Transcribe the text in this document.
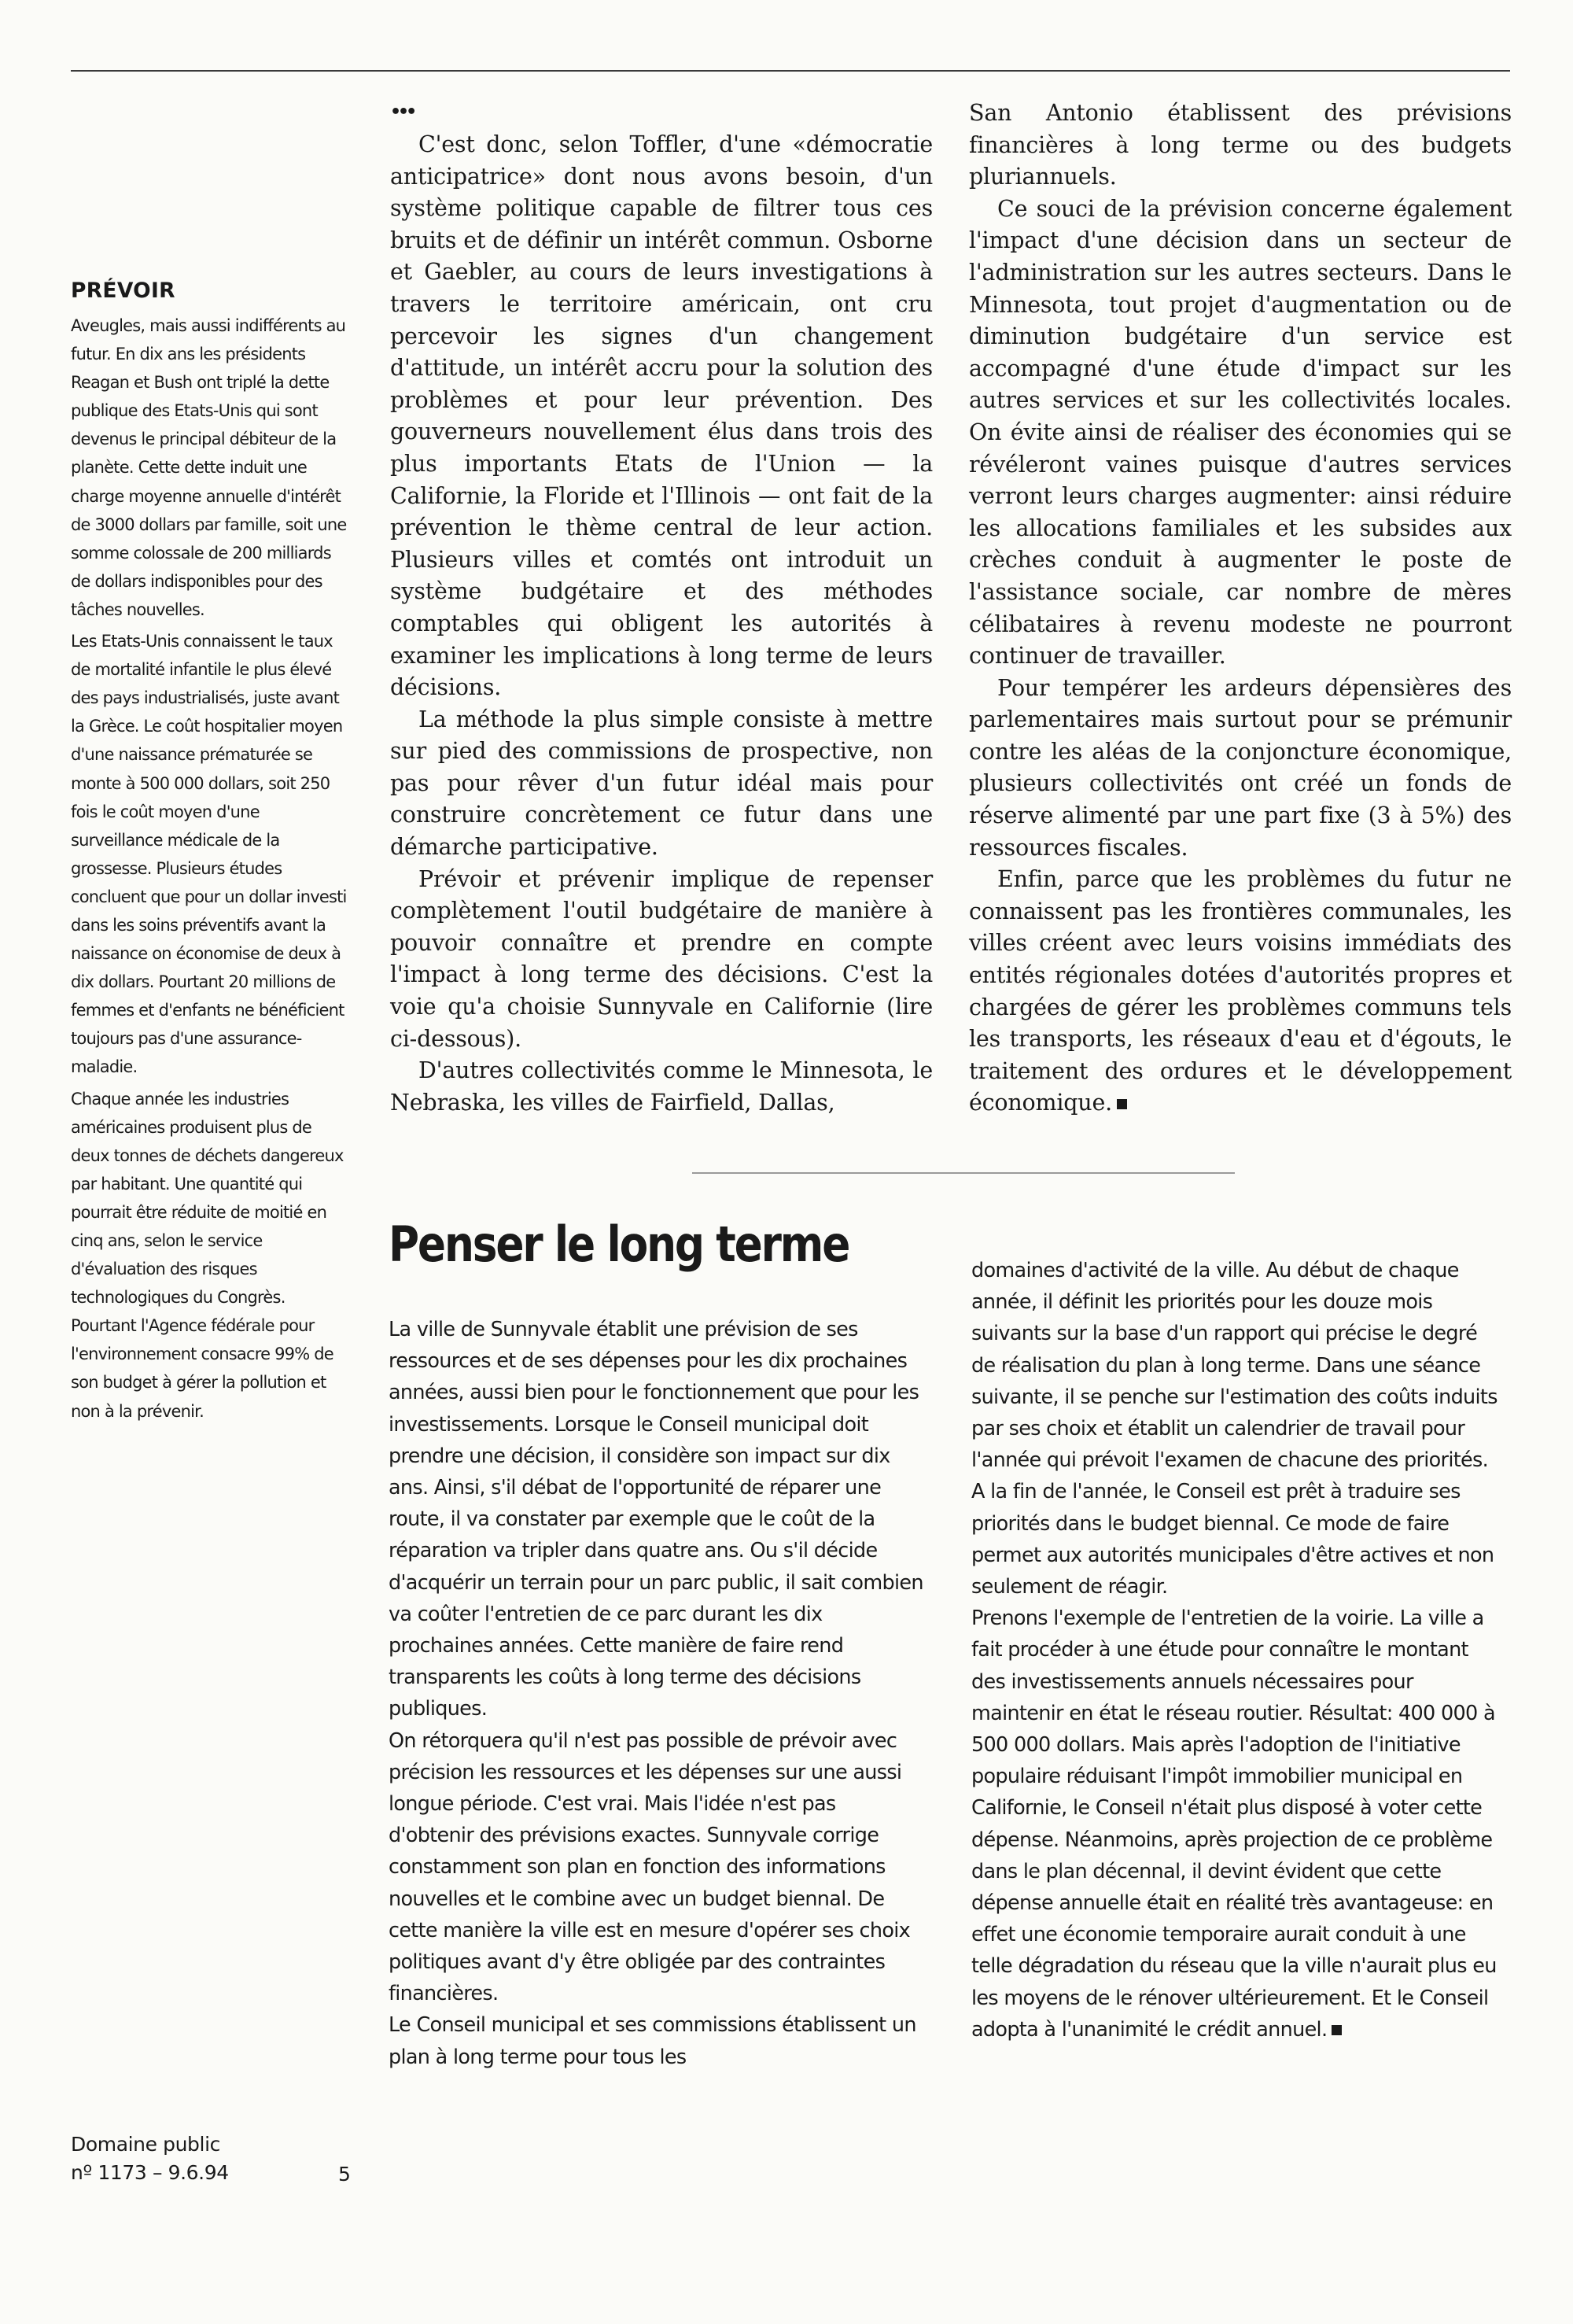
PRÉVOIR

Aveugles, mais aussi indifférents au futur. En dix ans les présidents Reagan et Bush ont triplé la dette publique des Etats-Unis qui sont devenus le principal débiteur de la planète. Cette dette induit une charge moyenne annuelle d'intérêt de 3000 dollars par famille, soit une somme colossale de 200 milliards de dollars indisponibles pour des tâches nouvelles.

Les Etats-Unis connaissent le taux de mortalité infantile le plus élevé des pays industrialisés, juste avant la Grèce. Le coût hospitalier moyen d'une naissance prématurée se monte à 500 000 dollars, soit 250 fois le coût moyen d'une surveillance médicale de la grossesse. Plusieurs études concluent que pour un dollar investi dans les soins préventifs avant la naissance on économise de deux à dix dollars. Pourtant 20 millions de femmes et d'enfants ne bénéficient toujours pas d'une assurance-maladie.

Chaque année les industries américaines produisent plus de deux tonnes de déchets dangereux par habitant. Une quantité qui pourrait être réduite de moitié en cinq ans, selon le service d'évaluation des risques technologiques du Congrès. Pourtant l'Agence fédérale pour l'environnement consacre 99% de son budget à gérer la pollution et non à la prévenir.

•••

C'est donc, selon Toffler, d'une «démocratie anticipatrice» dont nous avons besoin, d'un système politique capable de filtrer tous ces bruits et de définir un intérêt commun. Osborne et Gaebler, au cours de leurs investigations à travers le territoire américain, ont cru percevoir les signes d'un changement d'attitude, un intérêt accru pour la solution des problèmes et pour leur prévention. Des gouverneurs nouvellement élus dans trois des plus importants Etats de l'Union — la Californie, la Floride et l'Illinois — ont fait de la prévention le thème central de leur action. Plusieurs villes et comtés ont introduit un système budgétaire et des méthodes comptables qui obligent les autorités à examiner les implications à long terme de leurs décisions.

La méthode la plus simple consiste à mettre sur pied des commissions de prospective, non pas pour rêver d'un futur idéal mais pour construire concrètement ce futur dans une démarche participative.

Prévoir et prévenir implique de repenser complètement l'outil budgétaire de manière à pouvoir connaître et prendre en compte l'impact à long terme des décisions. C'est la voie qu'a choisie Sunnyvale en Californie (lire ci-dessous).

D'autres collectivités comme le Minnesota, le Nebraska, les villes de Fairfield, Dallas,

San Antonio établissent des prévisions financières à long terme ou des budgets pluriannuels.

Ce souci de la prévision concerne également l'impact d'une décision dans un secteur de l'administration sur les autres secteurs. Dans le Minnesota, tout projet d'augmentation ou de diminution budgétaire d'un service est accompagné d'une étude d'impact sur les autres services et sur les collectivités locales. On évite ainsi de réaliser des économies qui se révéleront vaines puisque d'autres services verront leurs charges augmenter: ainsi réduire les allocations familiales et les subsides aux crèches conduit à augmenter le poste de l'assistance sociale, car nombre de mères célibataires à revenu modeste ne pourront continuer de travailler.

Pour tempérer les ardeurs dépensières des parlementaires mais surtout pour se prémunir contre les aléas de la conjoncture économique, plusieurs collectivités ont créé un fonds de réserve alimenté par une part fixe (3 à 5%) des ressources fiscales.

Enfin, parce que les problèmes du futur ne connaissent pas les frontières communales, les villes créent avec leurs voisins immédiats des entités régionales dotées d'autorités propres et chargées de gérer les problèmes communs tels les transports, les réseaux d'eau et d'égouts, le traitement des ordures et le développement économique.

Penser le long terme

La ville de Sunnyvale établit une prévision de ses ressources et de ses dépenses pour les dix prochaines années, aussi bien pour le fonctionnement que pour les investissements. Lorsque le Conseil municipal doit prendre une décision, il considère son impact sur dix ans. Ainsi, s'il débat de l'opportunité de réparer une route, il va constater par exemple que le coût de la réparation va tripler dans quatre ans. Ou s'il décide d'acquérir un terrain pour un parc public, il sait combien va coûter l'entretien de ce parc durant les dix prochaines années. Cette manière de faire rend transparents les coûts à long terme des décisions publiques.

On rétorquera qu'il n'est pas possible de prévoir avec précision les ressources et les dépenses sur une aussi longue période. C'est vrai. Mais l'idée n'est pas d'obtenir des prévisions exactes. Sunnyvale corrige constamment son plan en fonction des informations nouvelles et le combine avec un budget biennal. De cette manière la ville est en mesure d'opérer ses choix politiques avant d'y être obligée par des contraintes financières.

Le Conseil municipal et ses commissions établissent un plan à long terme pour tous les

domaines d'activité de la ville. Au début de chaque année, il définit les priorités pour les douze mois suivants sur la base d'un rapport qui précise le degré de réalisation du plan à long terme. Dans une séance suivante, il se penche sur l'estimation des coûts induits par ses choix et établit un calendrier de travail pour l'année qui prévoit l'examen de chacune des priorités. A la fin de l'année, le Conseil est prêt à traduire ses priorités dans le budget biennal. Ce mode de faire permet aux autorités municipales d'être actives et non seulement de réagir.

Prenons l'exemple de l'entretien de la voirie. La ville a fait procéder à une étude pour connaître le montant des investissements annuels nécessaires pour maintenir en état le réseau routier. Résultat: 400 000 à 500 000 dollars. Mais après l'adoption de l'initiative populaire réduisant l'impôt immobilier municipal en Californie, le Conseil n'était plus disposé à voter cette dépense. Néanmoins, après projection de ce problème dans le plan décennal, il devint évident que cette dépense annuelle était en réalité très avantageuse: en effet une économie temporaire aurait conduit à une telle dégradation du réseau que la ville n'aurait plus eu les moyens de le rénover ultérieurement. Et le Conseil adopta à l'unanimité le crédit annuel.

Domaine public
nº 1173 – 9.6.94	5
